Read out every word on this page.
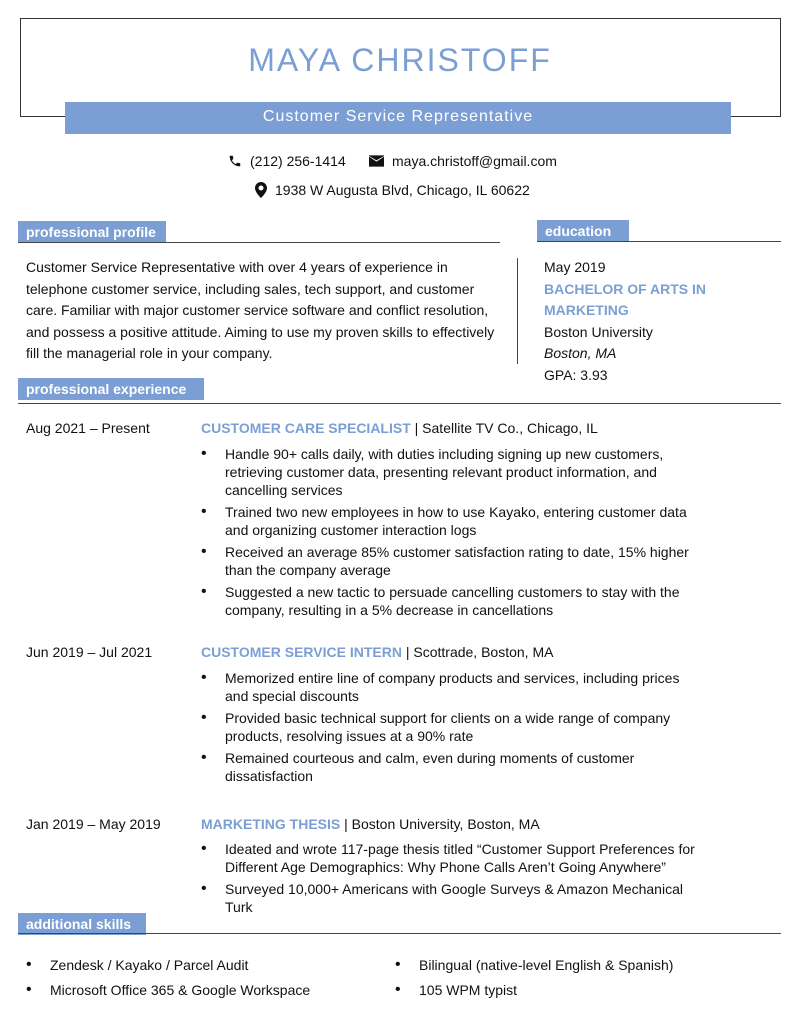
MAYA CHRISTOFF
Customer Service Representative
(212) 256-1414	maya.christoff@gmail.com
1938 W Augusta Blvd, Chicago, IL 60622
professional profile
Customer Service Representative with over 4 years of experience in telephone customer service, including sales, tech support, and customer care. Familiar with major customer service software and conflict resolution, and possess a positive attitude. Aiming to use my proven skills to effectively fill the managerial role in your company.
education
May 2019
BACHELOR OF ARTS IN MARKETING
Boston University
Boston, MA
GPA: 3.93
professional experience
Aug 2021 – Present	CUSTOMER CARE SPECIALIST | Satellite TV Co., Chicago, IL
• Handle 90+ calls daily, with duties including signing up new customers, retrieving customer data, presenting relevant product information, and cancelling services
• Trained two new employees in how to use Kayako, entering customer data and organizing customer interaction logs
• Received an average 85% customer satisfaction rating to date, 15% higher than the company average
• Suggested a new tactic to persuade cancelling customers to stay with the company, resulting in a 5% decrease in cancellations
Jun 2019 – Jul 2021	CUSTOMER SERVICE INTERN | Scottrade, Boston, MA
• Memorized entire line of company products and services, including prices and special discounts
• Provided basic technical support for clients on a wide range of company products, resolving issues at a 90% rate
• Remained courteous and calm, even during moments of customer dissatisfaction
Jan 2019 – May 2019	MARKETING THESIS | Boston University, Boston, MA
• Ideated and wrote 117-page thesis titled “Customer Support Preferences for Different Age Demographics: Why Phone Calls Aren’t Going Anywhere”
• Surveyed 10,000+ Americans with Google Surveys & Amazon Mechanical Turk
additional skills
• Zendesk / Kayako / Parcel Audit
• Microsoft Office 365 & Google Workspace
• Bilingual (native-level English & Spanish)
• 105 WPM typist
